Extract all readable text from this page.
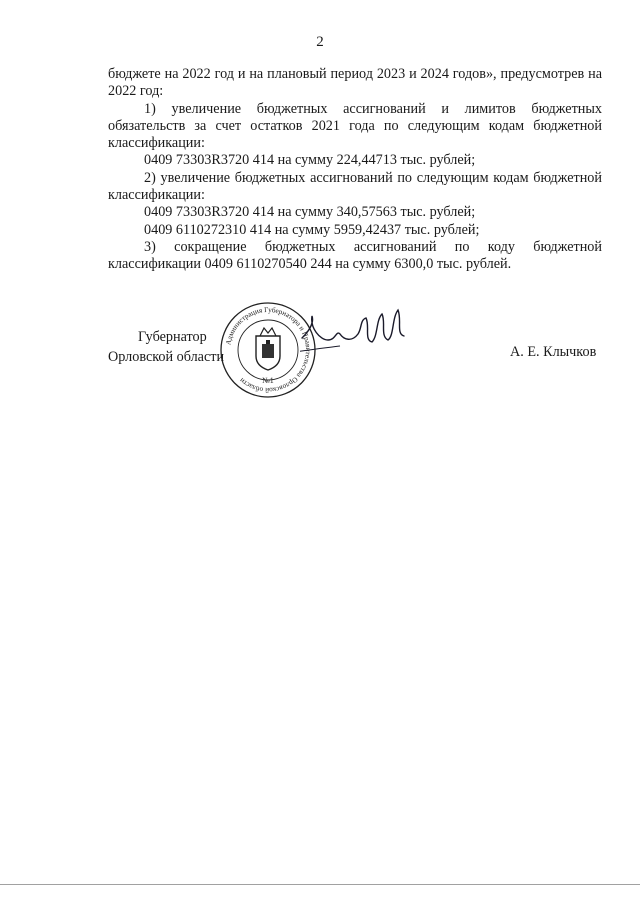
2

бюджете на 2022 год и на плановый период 2023 и 2024 годов», предусмотрев на 2022 год:

1) увеличение бюджетных ассигнований и лимитов бюджетных обязательств за счет остатков 2021 года по следующим кодам бюджетной классификации:

0409 73303R3720 414 на сумму 224,44713 тыс. рублей;

2) увеличение бюджетных ассигнований по следующим кодам бюджетной классификации:

0409 73303R3720 414 на сумму 340,57563 тыс. рублей;

0409 6110272310 414 на сумму 5959,42437 тыс. рублей;

3) сокращение бюджетных ассигнований по коду бюджетной классификации 0409 6110270540 244 на сумму 6300,0 тыс. рублей.

Администрация Губернатора и Правительства Орловской области	№1
Губернатор
Орловской области	А. Е. Клычков
